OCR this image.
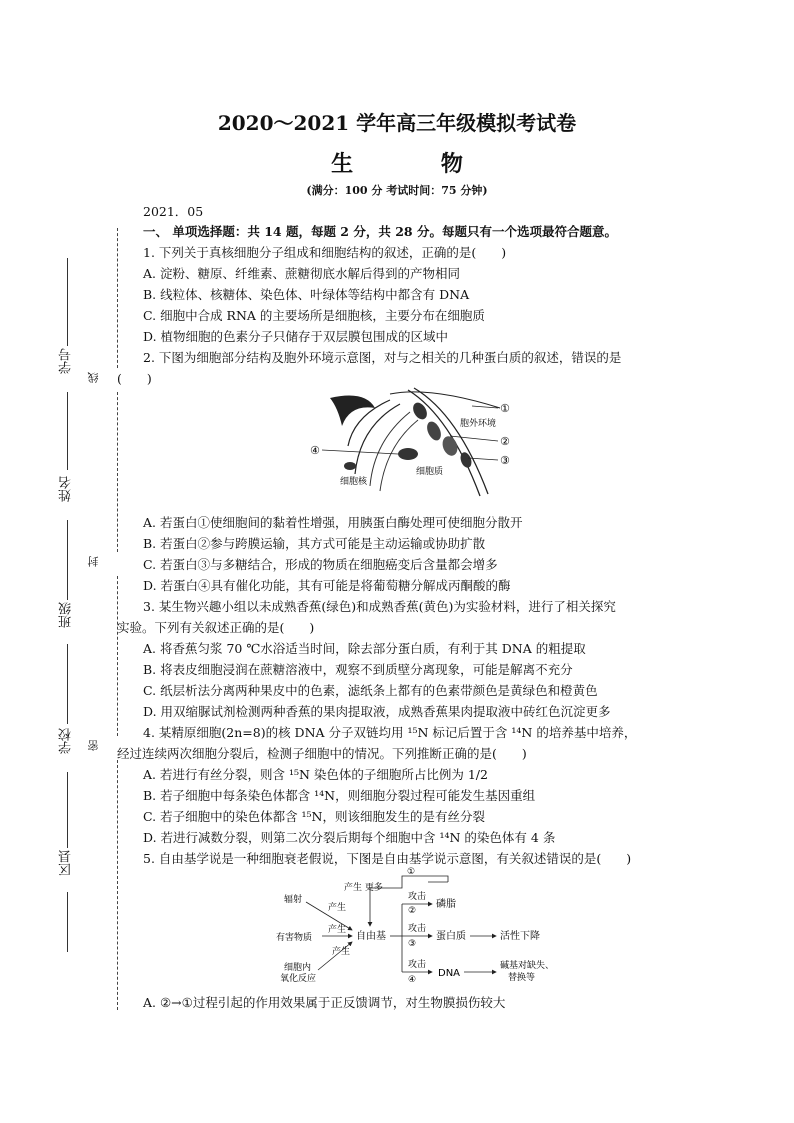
2020～2021 学年高三年级模拟考试卷
生 物
(满分：100 分 考试时间：75 分钟)
2021．05
学号
姓名
班级
学校
区县
线
封
密
一、 单项选择题：共 14 题，每题 2 分，共 28 分。每题只有一个选项最符合题意。
1. 下列关于真核细胞分子组成和细胞结构的叙述，正确的是(　　)
A. 淀粉、糖原、纤维素、蔗糖彻底水解后得到的产物相同
B. 线粒体、核糖体、染色体、叶绿体等结构中都含有 DNA
C. 细胞中合成 RNA 的主要场所是细胞核，主要分布在细胞质
D. 植物细胞的色素分子只储存于双层膜包围成的区域中
2. 下图为细胞部分结构及胞外环境示意图，对与之相关的几种蛋白质的叙述，错误的是
(　　)
①
胞外环境
②
③
④
细胞质
细胞核
A. 若蛋白①使细胞间的黏着性增强，用胰蛋白酶处理可使细胞分散开
B. 若蛋白②参与跨膜运输，其方式可能是主动运输或协助扩散
C. 若蛋白③与多糖结合，形成的物质在细胞癌变后含量都会增多
D. 若蛋白④具有催化功能，其有可能是将葡萄糖分解成丙酮酸的酶
3. 某生物兴趣小组以未成熟香蕉(绿色)和成熟香蕉(黄色)为实验材料，进行了相关探究
实验。下列有关叙述正确的是(　　)
A. 将香蕉匀浆 70 ℃水浴适当时间，除去部分蛋白质，有利于其 DNA 的粗提取
B. 将表皮细胞浸润在蔗糖溶液中，观察不到质壁分离现象，可能是解离不充分
C. 纸层析法分离两种果皮中的色素，滤纸条上都有的色素带颜色是黄绿色和橙黄色
D. 用双缩脲试剂检测两种香蕉的果肉提取液，成熟香蕉果肉提取液中砖红色沉淀更多
4. 某精原细胞(2n=8)的核 DNA 分子双链均用 ¹⁵N 标记后置于含 ¹⁴N 的培养基中培养，
经过连续两次细胞分裂后，检测子细胞中的情况。下列推断正确的是(　　)
A. 若进行有丝分裂，则含 ¹⁵N 染色体的子细胞所占比例为 1/2
B. 若子细胞中每条染色体都含 ¹⁴N，则细胞分裂过程可能发生基因重组
C. 若子细胞中的染色体都含 ¹⁵N，则该细胞发生的是有丝分裂
D. 若进行减数分裂，则第二次分裂后期每个细胞中含 ¹⁴N 的染色体有 4 条
5. 自由基学说是一种细胞衰老假说，下图是自由基学说示意图，有关叙述错误的是(　　)
①
产生 更多
辐射
产生
有害物质
产生
细胞内
氧化反应
产生
自由基
攻击
②
攻击
③
攻击
④
磷脂
蛋白质	活性下降
DNA
碱基对缺失、
替换等
A. ②→①过程引起的作用效果属于正反馈调节，对生物膜损伤较大
